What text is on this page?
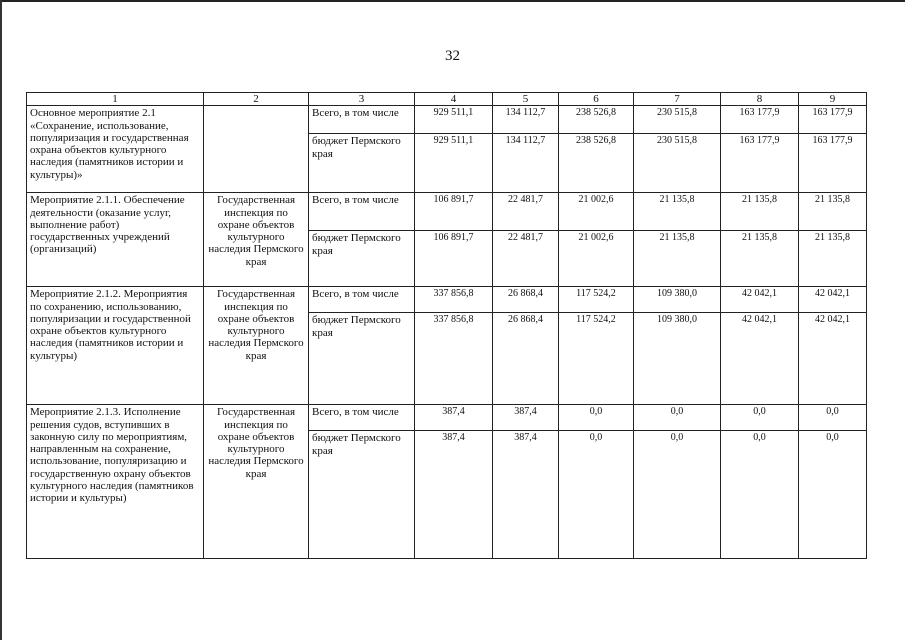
32
1	2	3	4	5	6	7	8	9
Основное мероприятие 2.1 «Сохранение, использование, популяризация и государственная охрана объектов культурного наследия (памятников истории и культуры)»		Всего, в том числе	929 511,1	134 112,7	238 526,8	230 515,8	163 177,9	163 177,9
		бюджет Пермского края	929 511,1	134 112,7	238 526,8	230 515,8	163 177,9	163 177,9
Мероприятие 2.1.1. Обеспечение деятельности (оказание услуг, выполнение работ) государственных учреждений (организаций)	Государственная инспекция по охране объектов культурного наследия Пермского края	Всего, в том числе	106 891,7	22 481,7	21 002,6	21 135,8	21 135,8	21 135,8
		бюджет Пермского края	106 891,7	22 481,7	21 002,6	21 135,8	21 135,8	21 135,8
Мероприятие 2.1.2. Мероприятия по сохранению, использованию, популяризации и государственной охране объектов культурного наследия (памятников истории и культуры)	Государственная инспекция по охране объектов культурного наследия Пермского края	Всего, в том числе	337 856,8	26 868,4	117 524,2	109 380,0	42 042,1	42 042,1
		бюджет Пермского края	337 856,8	26 868,4	117 524,2	109 380,0	42 042,1	42 042,1
Мероприятие 2.1.3. Исполнение решения судов, вступивших в законную силу по мероприятиям, направленным на сохранение, использование, популяризацию и государственную охрану объектов культурного наследия (памятников истории и культуры)	Государственная инспекция по охране объектов культурного наследия Пермского края	Всего, в том числе	387,4	387,4	0,0	0,0	0,0	0,0
		бюджет Пермского края	387,4	387,4	0,0	0,0	0,0	0,0
